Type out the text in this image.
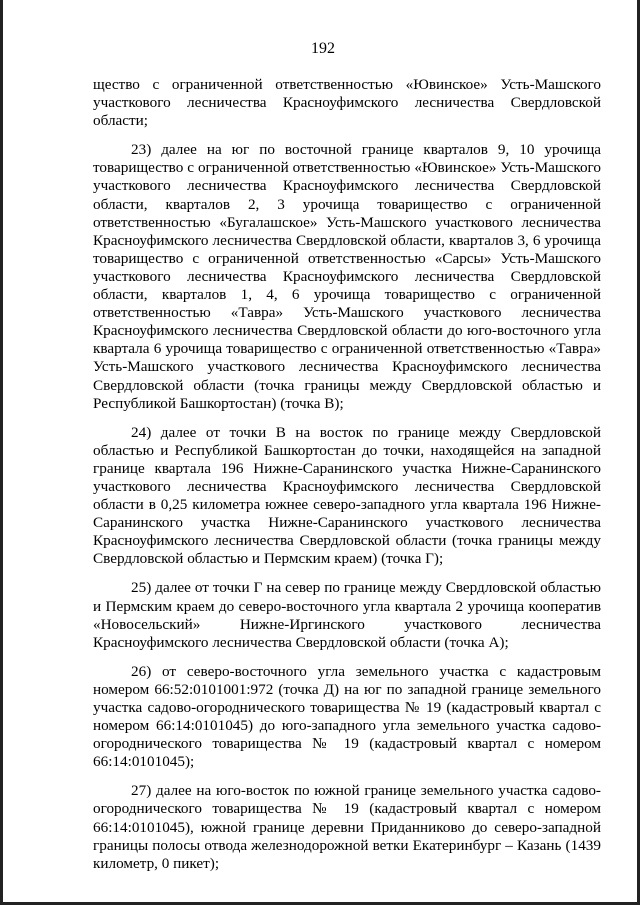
192

щество с ограниченной ответственностью «Ювинское» Усть-Машского участкового лесничества Красноуфимского лесничества Свердловской области;

23) далее на юг по восточной границе кварталов 9, 10 урочища товарищество с ограниченной ответственностью «Ювинское» Усть-Машского участкового лесничества Красноуфимского лесничества Свердловской области, кварталов 2, 3 урочища товарищество с ограниченной ответственностью «Бугалашское» Усть-Машского участкового лесничества Красноуфимского лесничества Свердловской области, кварталов 3, 6 урочища товарищество с ограниченной ответственностью «Сарсы» Усть-Машского участкового лесничества Красноуфимского лесничества Свердловской области, кварталов 1, 4, 6 урочища товарищество с ограниченной ответственностью «Тавра» Усть-Машского участкового лесничества Красноуфимского лесничества Свердловской области до юго-восточного угла квартала 6 урочища товарищество с ограниченной ответственностью «Тавра» Усть-Машского участкового лесничества Красноуфимского лесничества Свердловской области (точка границы между Свердловской областью и Республикой Башкортостан) (точка В);

24) далее от точки В на восток по границе между Свердловской областью и Республикой Башкортостан до точки, находящейся на западной границе квартала 196 Нижне-Саранинского участка Нижне-Саранинского участкового лесничества Красноуфимского лесничества Свердловской области в 0,25 километра южнее северо-западного угла квартала 196 Нижне-Саранинского участка Нижне-Саранинского участкового лесничества Красноуфимского лесничества Свердловской области (точка границы между Свердловской областью и Пермским краем) (точка Г);

25) далее от точки Г на север по границе между Свердловской областью и Пермским краем до северо-восточного угла квартала 2 урочища кооператив «Новосельский» Нижне-Иргинского участкового лесничества Красноуфимского лесничества Свердловской области (точка А);

26) от северо-восточного угла земельного участка с кадастровым номером 66:52:0101001:972 (точка Д) на юг по западной границе земельного участка садово-огороднического товарищества № 19 (кадастровый квартал с номером 66:14:0101045) до юго-западного угла земельного участка садово-огороднического товарищества № 19 (кадастровый квартал с номером 66:14:0101045);

27) далее на юго-восток по южной границе земельного участка садово-огороднического товарищества № 19 (кадастровый квартал с номером 66:14:0101045), южной границе деревни Приданниково до северо-западной границы полосы отвода железнодорожной ветки Екатеринбург – Казань (1439 километр, 0 пикет);
